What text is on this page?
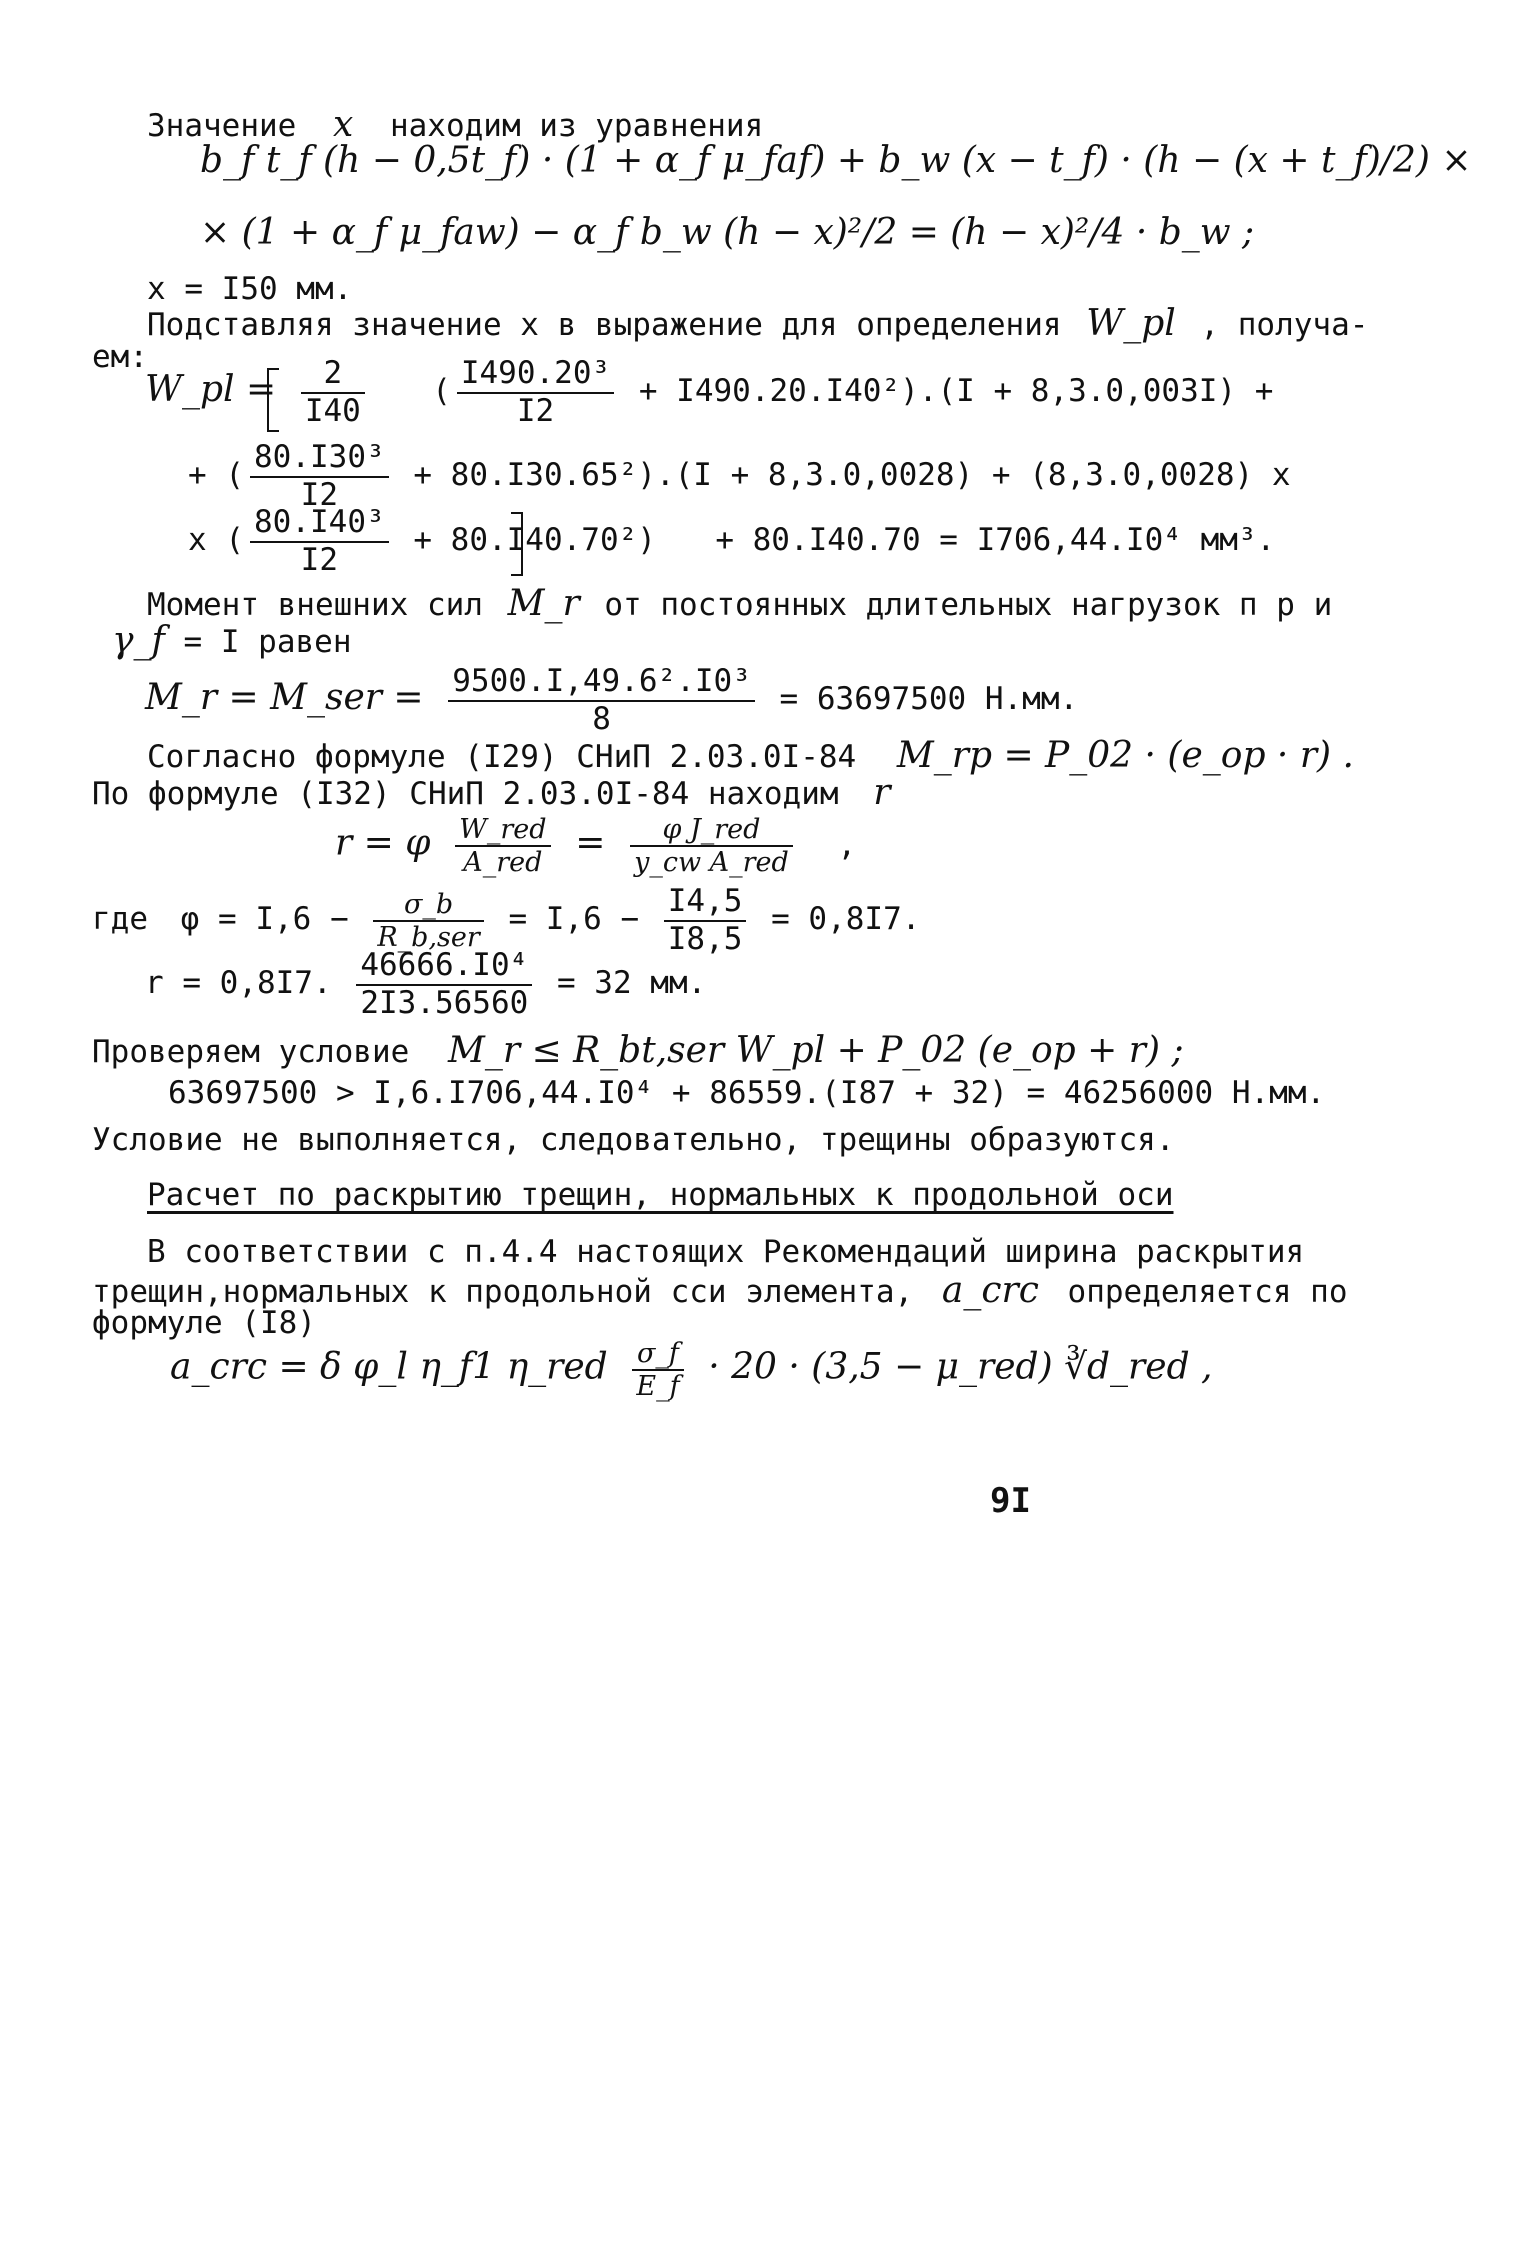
Значение x находим из уравнения
b_f t_f (h − 0,5t_f) · (1 + α_f μ_faf) + b_w (x − t_f) · (h − (x + t_f)/2) ×
× (1 + α_f μ_faw) − α_f b_w (h − x)²/2 = (h − x)²/4 · b_w ;
x = I50 мм.
Подставляя значение x в выражение для определения W_pl , получа-
ем:
W_pl = $\frac{2}{I40}$ ( $\frac{\text{I490.20³}}{I2} + I490.20.I40^2).(I + 8,3.0,003I)$ +
+ ( $\frac{\text{80.I30³}}{I2} + 80.I30.65^2).(I + 8,3.0,0028) + (8,3.0,0028)$ x
x ( $\frac{\text{80.I40³}}{I2} + 80.I40.70^2) + 80.I40.70 = I706,44.I0^4$ мм³.
Момент внешних сил M_r от постоянных длительных нагрузок п р и
γ_f = I равен
M_r = M_ser = $\frac{\text{9500.I,49.6².I0³}}{8} = 63697500$ Н.мм.
Согласно формуле (I29) СНиП 2.03.0I-84 M_rp = P_02 · (e_op · r) .
По формуле (I32) СНиП 2.03.0I-84 находим r
r = φ $\frac{\text{W\_red}}{\text{A\_red}} = \frac{\text{φ J\_red}}{\text{y\_cw A\_red}}$ ,
где $\varphi = I,6 - \frac{\sigma\_b}{\text{R\_b,ser}} = I,6 - \frac{I4,5}{I8,5} = 0,8I7$.
r = 0,8I7. $\frac{\text{46666.I0⁴}}{2I3.56560} = 32$ мм.
Проверяем условие M_r ≤ R_bt,ser W_pl + P_02 (e_op + r) ;
63697500 > I,6.I706,44.I0⁴ + 86559.(I87 + 32) = 46256000 Н.мм.
Условие не выполняется, следовательно, трещины образуются.
Расчет по раскрытию трещин, нормальных к продольной оси
В соответствии с п.4.4 настоящих Рекомендаций ширина раскрытия
трещин,нормальных к продольной сси элемента, a_crc определяется по
формуле (I8)
a_crc = δ φ_l η_f1 η_red $\frac{\sigma\_f}{E\_f} \cdot 20 \cdot (3,5$ − μ_red) ∛d_red ,
9I
